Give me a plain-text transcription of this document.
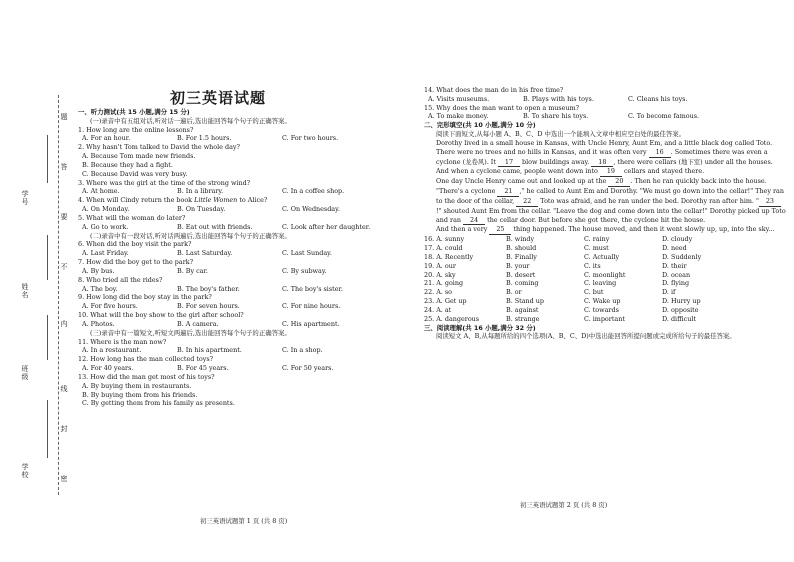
题
答
要
不
内
线
封
密
学号
姓名
班级
学校
初三英语试题

一、听力测试(共 15 小题,满分 15 分)

(一)录音中有五组对话,听对话一遍后,选出能回答每个句子的正确答案。

1. How long are the online lessons?

A. For an hour.	B. For 1.5 hours.	C. For two hours.

2. Why hasn't Tom talked to David the whole day?

A. Because Tom made new friends.

B. Because they had a fight.

C. Because David was very busy.

3. Where was the girl at the time of the strong wind?

A. At home.	B. In a library.	C. In a coffee shop.

4. When will Cindy return the book Little Women to Alice?

A. On Monday.	B. On Tuesday.	C. On Wednesday.

5. What will the woman do later?

A. Go to work.	B. Eat out with friends.	C. Look after her daughter.

(二)录音中有一段对话,听对话两遍后,选出能回答每个句子的正确答案。

6. When did the boy visit the park?

A. Last Friday.	B. Last Saturday.	C. Last Sunday.

7. How did the boy get to the park?

A. By bus.	B. By car.	C. By subway.

8. Who tried all the rides?

A. The boy.	B. The boy's father.	C. The boy's sister.

9. How long did the boy stay in the park?

A. For five hours.	B. For seven hours.	C. For nine hours.

10. What will the boy show to the girl after school?

A. Photos.	B. A camera.	C. His apartment.

(三)录音中有一篇短文,听短文两遍后,选出能回答每个句子的正确答案。

11. Where is the man now?

A. In a restaurant.	B. In his apartment.	C. In a shop.

12. How long has the man collected toys?

A. For 40 years.	B. For 45 years.	C. For 50 years.

13. How did the man get most of his toys?

A. By buying them in restaurants.

B. By buying them from his friends.

C. By getting them from his family as presents.

初三英语试题第 1 页 (共 8 页)

14. What does the man do in his free time?

A. Visits museums.	B. Plays with his toys.	C. Cleans his toys.

15. Why does the man want to open a museum?

A. To make money.	B. To share his toys.	C. To become famous.

二、完形填空(共 10 小题,满分 10 分)

阅读下面短文,从每小题 A、B、C、D 中选出一个能填入文章中相应空白处的最佳答案。

Dorothy lived in a small house in Kansas, with Uncle Henry, Aunt Em, and a little black dog called Toto.

There were no trees and no hills in Kansas, and it was often very 16 . Sometimes there was even a cyclone (龙卷风). It 17 blow buildings away. 18 , there were cellars (地下室) under all the houses. And when a cyclone came, people went down into 19 cellars and stayed there.

One day Uncle Henry came out and looked up at the 20 . Then he ran quickly back into the house. "There's a cyclone 21 ," he called to Aunt Em and Dorothy. "We must go down into the cellar!" They ran to the door of the cellar, 22 Toto was afraid, and he ran under the bed. Dorothy ran after him. " 23!" shouted Aunt Em from the cellar. "Leave the dog and come down into the cellar!" Dorothy picked up Toto and ran 24 the cellar door. But before she got there, the cyclone hit the house.

And then a very 25 thing happened. The house moved, and then it went slowly up, up, into the sky...

16. A. sunny	B. windy	C. rainy	D. cloudy
17. A. could	B. should	C. must	D. need
18. A. Recently	B. Finally	C. Actually	D. Suddenly
19. A. our	B. your	C. its	D. their
20. A. sky	B. desert	C. moonlight	D. ocean
21. A. going	B. coming	C. leaving	D. flying
22. A. so	B. or	C. but	D. if
23. A. Get up	B. Stand up	C. Wake up	D. Hurry up
24. A. at	B. against	C. towards	D. opposite
25. A. dangerous	B. strange	C. important	D. difficult

三、阅读理解(共 16 小题,满分 32 分)

阅读短文 A、B,从每题所给的四个选项(A、B、C、D)中选出能回答所提问题或完成所给句子的最佳答案。

初三英语试题第 2 页 (共 8 页)
